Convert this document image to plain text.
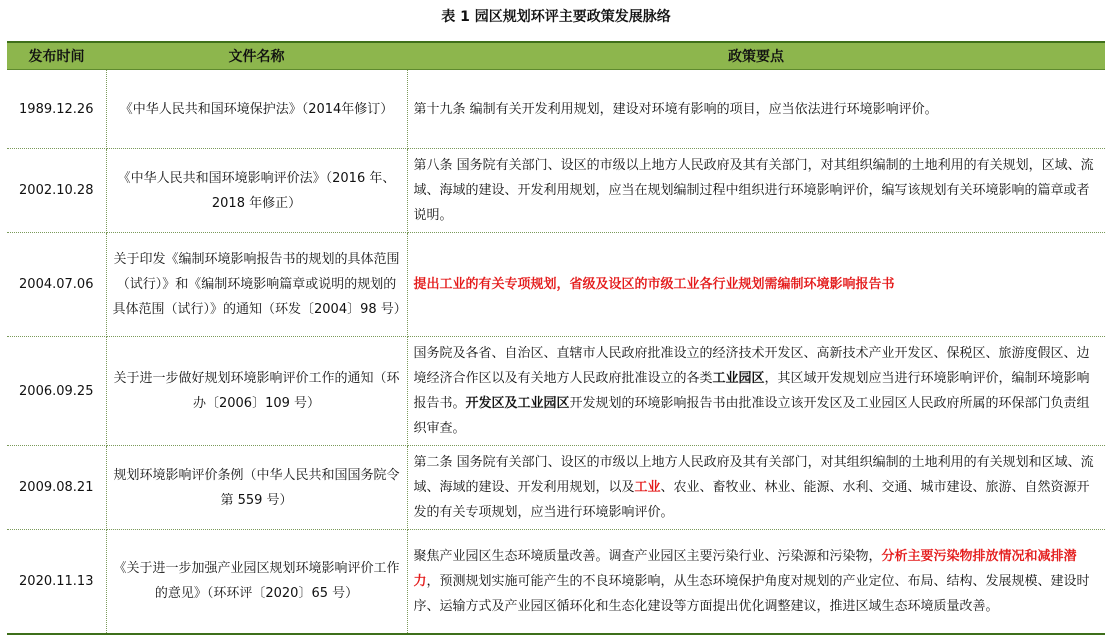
表 1 园区规划环评主要政策发展脉络
发布时间	文件名称	政策要点
1989.12.26	《中华人民共和国环境保护法》（2014年修订）	第十九条 编制有关开发利用规划，建设对环境有影响的项目，应当依法进行环境影响评价。
2002.10.28	《中华人民共和国环境影响评价法》（2016 年、2018 年修正）	第八条 国务院有关部门、设区的市级以上地方人民政府及其有关部门，对其组织编制的土地利用的有关规划，区域、流域、海域的建设、开发利用规划，应当在规划编制过程中组织进行环境影响评价，编写该规划有关环境影响的篇章或者说明。
2004.07.06	关于印发《编制环境影响报告书的规划的具体范围（试行）》和《编制环境影响篇章或说明的规划的具体范围（试行）》的通知（环发〔2004〕98 号）	提出工业的有关专项规划，省级及设区的市级工业各行业规划需编制环境影响报告书
2006.09.25	关于进一步做好规划环境影响评价工作的通知（环办〔2006〕109 号）	国务院及各省、自治区、直辖市人民政府批准设立的经济技术开发区、高新技术产业开发区、保税区、旅游度假区、边境经济合作区以及有关地方人民政府批准设立的各类工业园区，其区域开发规划应当进行环境影响评价，编制环境影响报告书。开发区及工业园区开发规划的环境影响报告书由批准设立该开发区及工业园区人民政府所属的环保部门负责组织审查。
2009.08.21	规划环境影响评价条例（中华人民共和国国务院令 第 559 号）	第二条 国务院有关部门、设区的市级以上地方人民政府及其有关部门，对其组织编制的土地利用的有关规划和区域、流域、海域的建设、开发利用规划，以及工业、农业、畜牧业、林业、能源、水利、交通、城市建设、旅游、自然资源开发的有关专项规划，应当进行环境影响评价。
2020.11.13	《关于进一步加强产业园区规划环境影响评价工作的意见》（环环评〔2020〕65 号）	聚焦产业园区生态环境质量改善。调查产业园区主要污染行业、污染源和污染物，分析主要污染物排放情况和减排潜力，预测规划实施可能产生的不良环境影响，从生态环境保护角度对规划的产业定位、布局、结构、发展规模、建设时序、运输方式及产业园区循环化和生态化建设等方面提出优化调整建议，推进区域生态环境质量改善。
